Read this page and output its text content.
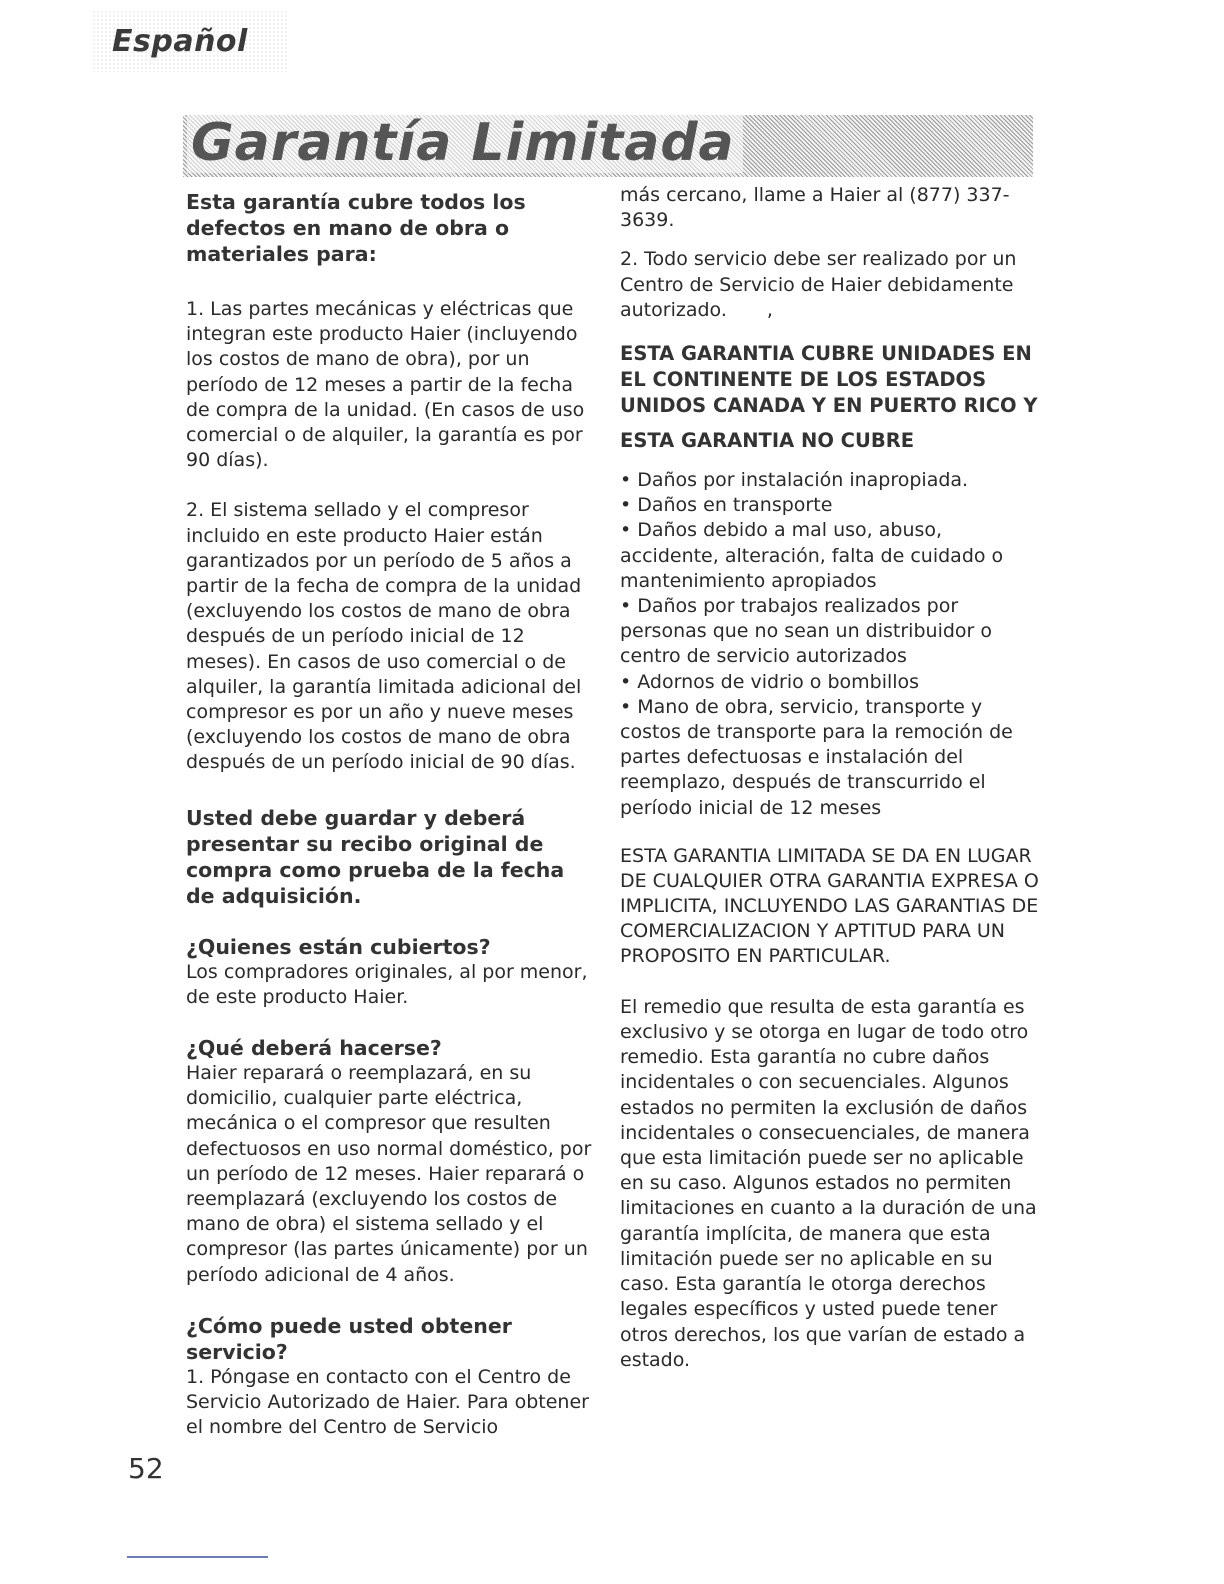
Español
Garantía Limitada

Esta garantía cubre todos los defectos en mano de obra o materiales para:

1. Las partes mecánicas y eléctricas que integran este producto Haier (incluyendo los costos de mano de obra), por un período de 12 meses a partir de la fecha de compra de la unidad. (En casos de uso comercial o de alquiler, la garantía es por 90 días).

2. El sistema sellado y el compresor incluido en este producto Haier están garantizados por un período de 5 años a partir de la fecha de compra de la unidad (excluyendo los costos de mano de obra después de un período inicial de 12 meses). En casos de uso comercial o de alquiler, la garantía limitada adicional del compresor es por un año y nueve meses (excluyendo los costos de mano de obra después de un período inicial de 90 días.

Usted debe guardar y deberá presentar su recibo original de compra como prueba de la fecha de adquisición.

¿Quienes están cubiertos?

Los compradores originales, al por menor, de este producto Haier.

¿Qué deberá hacerse?

Haier reparará o reemplazará, en su domicilio, cualquier parte eléctrica, mecánica o el compresor que resulten defectuosos en uso normal doméstico, por un período de 12 meses. Haier reparará o reemplazará (excluyendo los costos de mano de obra) el sistema sellado y el compresor (las partes únicamente) por un período adicional de 4 años.

¿Cómo puede usted obtener servicio?

1. Póngase en contacto con el Centro de Servicio Autorizado de Haier. Para obtener el nombre del Centro de Servicio

más cercano, llame a Haier al (877) 337-3639.

2. Todo servicio debe ser realizado por un Centro de Servicio de Haier debidamente autorizado. ,

ESTA GARANTIA CUBRE UNIDADES EN EL CONTINENTE DE LOS ESTADOS UNIDOS CANADA Y EN PUERTO RICO Y

ESTA GARANTIA NO CUBRE

• Daños por instalación inapropiada.
• Daños en transporte
• Daños debido a mal uso, abuso, accidente, alteración, falta de cuidado o mantenimiento apropiados
• Daños por trabajos realizados por personas que no sean un distribuidor o centro de servicio autorizados
• Adornos de vidrio o bombillos
• Mano de obra, servicio, transporte y costos de transporte para la remoción de partes defectuosas e instalación del reemplazo, después de transcurrido el período inicial de 12 meses

ESTA GARANTIA LIMITADA SE DA EN LUGAR DE CUALQUIER OTRA GARANTIA EXPRESA O IMPLICITA, INCLUYENDO LAS GARANTIAS DE COMERCIALIZACION Y APTITUD PARA UN PROPOSITO EN PARTICULAR.

El remedio que resulta de esta garantía es exclusivo y se otorga en lugar de todo otro remedio. Esta garantía no cubre daños incidentales o con secuenciales. Algunos estados no permiten la exclusión de daños incidentales o consecuenciales, de manera que esta limitación puede ser no aplicable en su caso. Algunos estados no permiten limitaciones en cuanto a la duración de una garantía implícita, de manera que esta limitación puede ser no aplicable en su caso. Esta garantía le otorga derechos legales específicos y usted puede tener otros derechos, los que varían de estado a estado.

52
